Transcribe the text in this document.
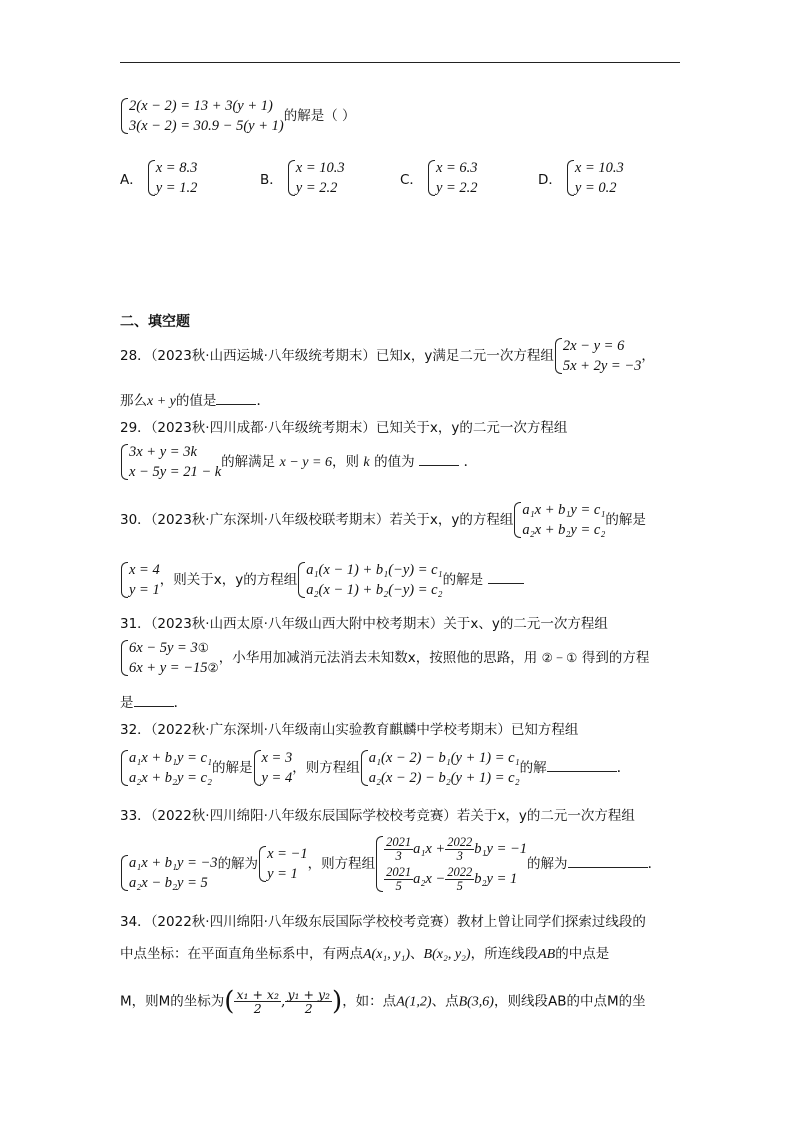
2(x − 2) = 13 + 3(y + 1)
3(x − 2) = 30.9 − 5(y + 1)
的解是（ ）
A．
x = 8.3
y = 1.2	B．
x = 10.3
y = 2.2	C．
x = 6.3
y = 2.2	D．
x = 10.3
y = 0.2
二、填空题
28．（2023秋·山西运城·八年级统考期末）已知x，y满足二元一次方程组
2x − y = 6
5x + 2y = −3
，
那么x + y的值是	.
29．（2023秋·四川成都·八年级统考期末）已知关于x，y的二元一次方程组
3x + y = 3k
x − 5y = 21 − k
的解满足 x − y = 6，则 k 的值为	.
30．（2023秋·广东深圳·八年级校联考期末）若关于x，y的方程组
a₁x + b₁y = c₁
a₂x + b₂y = c₂
的解是
x = 4
y = 1
，则关于x，y的方程组
a₁(x − 1) + b₁(−y) = c₁
a₂(x − 1) + b₂(−y) = c₂
的解是
31．（2023秋·山西太原·八年级山西大附中校考期末）关于x、y的二元一次方程组
6x − 5y = 3①
6x + y = −15②
，小华用加减消元法消去未知数x，按照他的思路，用 ② − ① 得到的方程
是	.
32．（2022秋·广东深圳·八年级南山实验教育麒麟中学校考期末）已知方程组
a₁x + b₁y = c₁
a₂x + b₂y = c₂
的解是
x = 3
y = 4
，则方程组
a₁(x − 2) − b₁(y + 1) = c₁
a₂(x − 2) − b₂(y + 1) = c₂
的解	.
33．（2022秋·四川绵阳·八年级东辰国际学校校考竞赛）若关于x，y的二元一次方程组
a₁x + b₁y = −3
a₂x − b₂y = 5
的解为
x = −1
y = 1
，则方程组
$\frac{2021}{3} a_1x + \frac{2022}{3} b_1y = -1$
$\frac{2021}{5} a_2x - \frac{2022}{5} b_2y = 1$
的解为	.
34．（2022秋·四川绵阳·八年级东辰国际学校校考竞赛）教材上曾让同学们探索过线段的
中点坐标：在平面直角坐标系中，有两点A(x₁, y₁)、B(x₂, y₂)，所连线段AB的中点是
M，则M的坐标为( $\frac{\text{x₁ + x₂}}{2}$ , $\frac{\text{y₁ + y₂}}{2}$ )，如：点A(1,2)、点B(3,6)，则线段AB的中点M的坐
